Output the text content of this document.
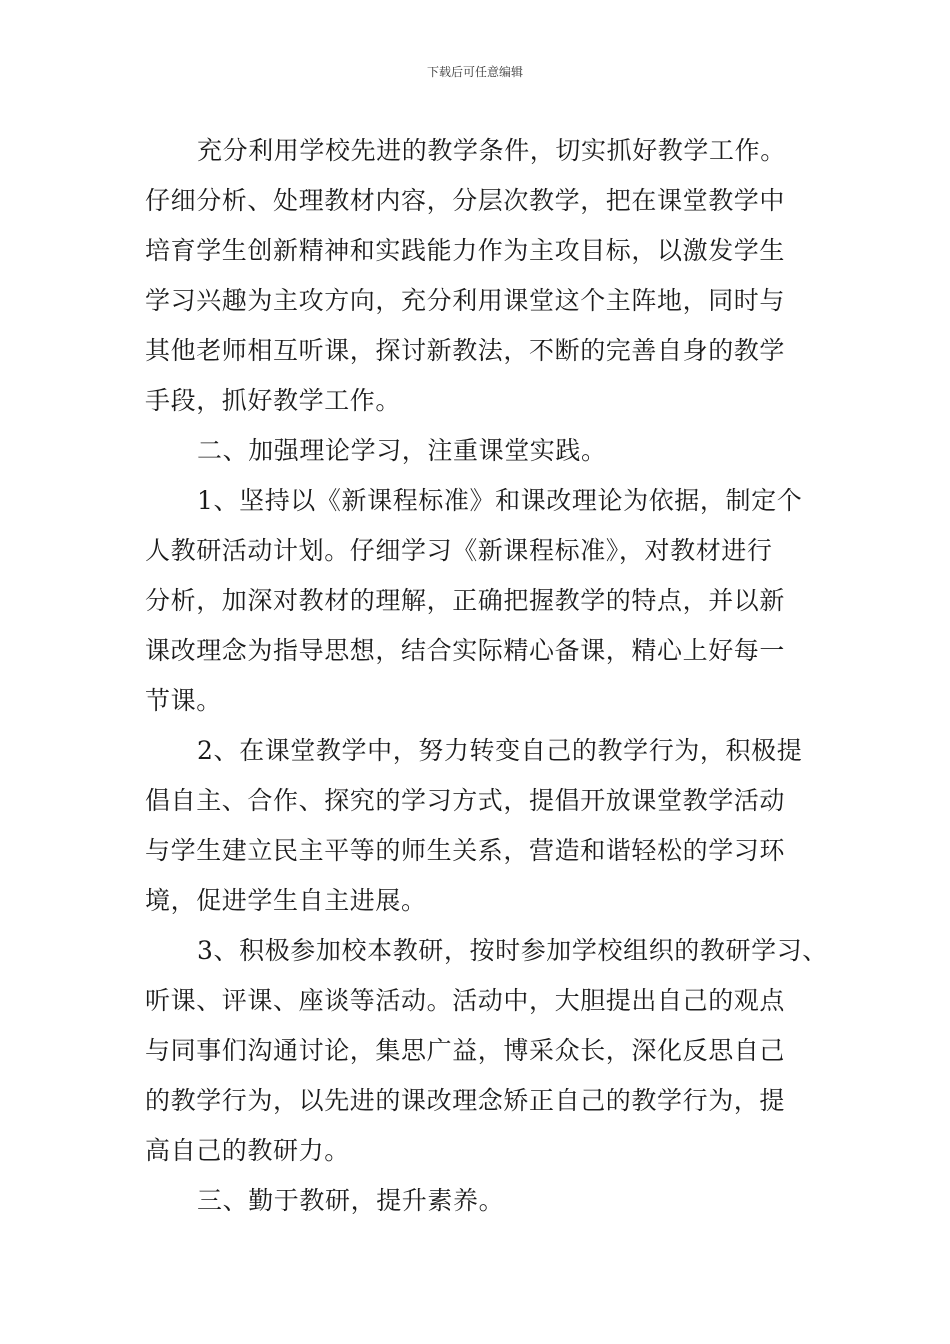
下载后可任意编辑
充分利用学校先进的教学条件，切实抓好教学工作。
仔细分析、处理教材内容，分层次教学，把在课堂教学中
培育学生创新精神和实践能力作为主攻目标，以激发学生
学习兴趣为主攻方向，充分利用课堂这个主阵地，同时与
其他老师相互听课，探讨新教法，不断的完善自身的教学
手段，抓好教学工作。
二、加强理论学习，注重课堂实践。
1、坚持以《新课程标准》和课改理论为依据，制定个
人教研活动计划。仔细学习《新课程标准》，对教材进行
分析，加深对教材的理解，正确把握教学的特点，并以新
课改理念为指导思想，结合实际精心备课，精心上好每一
节课。
2、在课堂教学中，努力转变自己的教学行为，积极提
倡自主、合作、探究的学习方式，提倡开放课堂教学活动
与学生建立民主平等的师生关系，营造和谐轻松的学习环
境，促进学生自主进展。
3、积极参加校本教研，按时参加学校组织的教研学习、
听课、评课、座谈等活动。活动中，大胆提出自己的观点
与同事们沟通讨论，集思广益，博采众长，深化反思自己
的教学行为，以先进的课改理念矫正自己的教学行为，提
高自己的教研力。
三、勤于教研，提升素养。
